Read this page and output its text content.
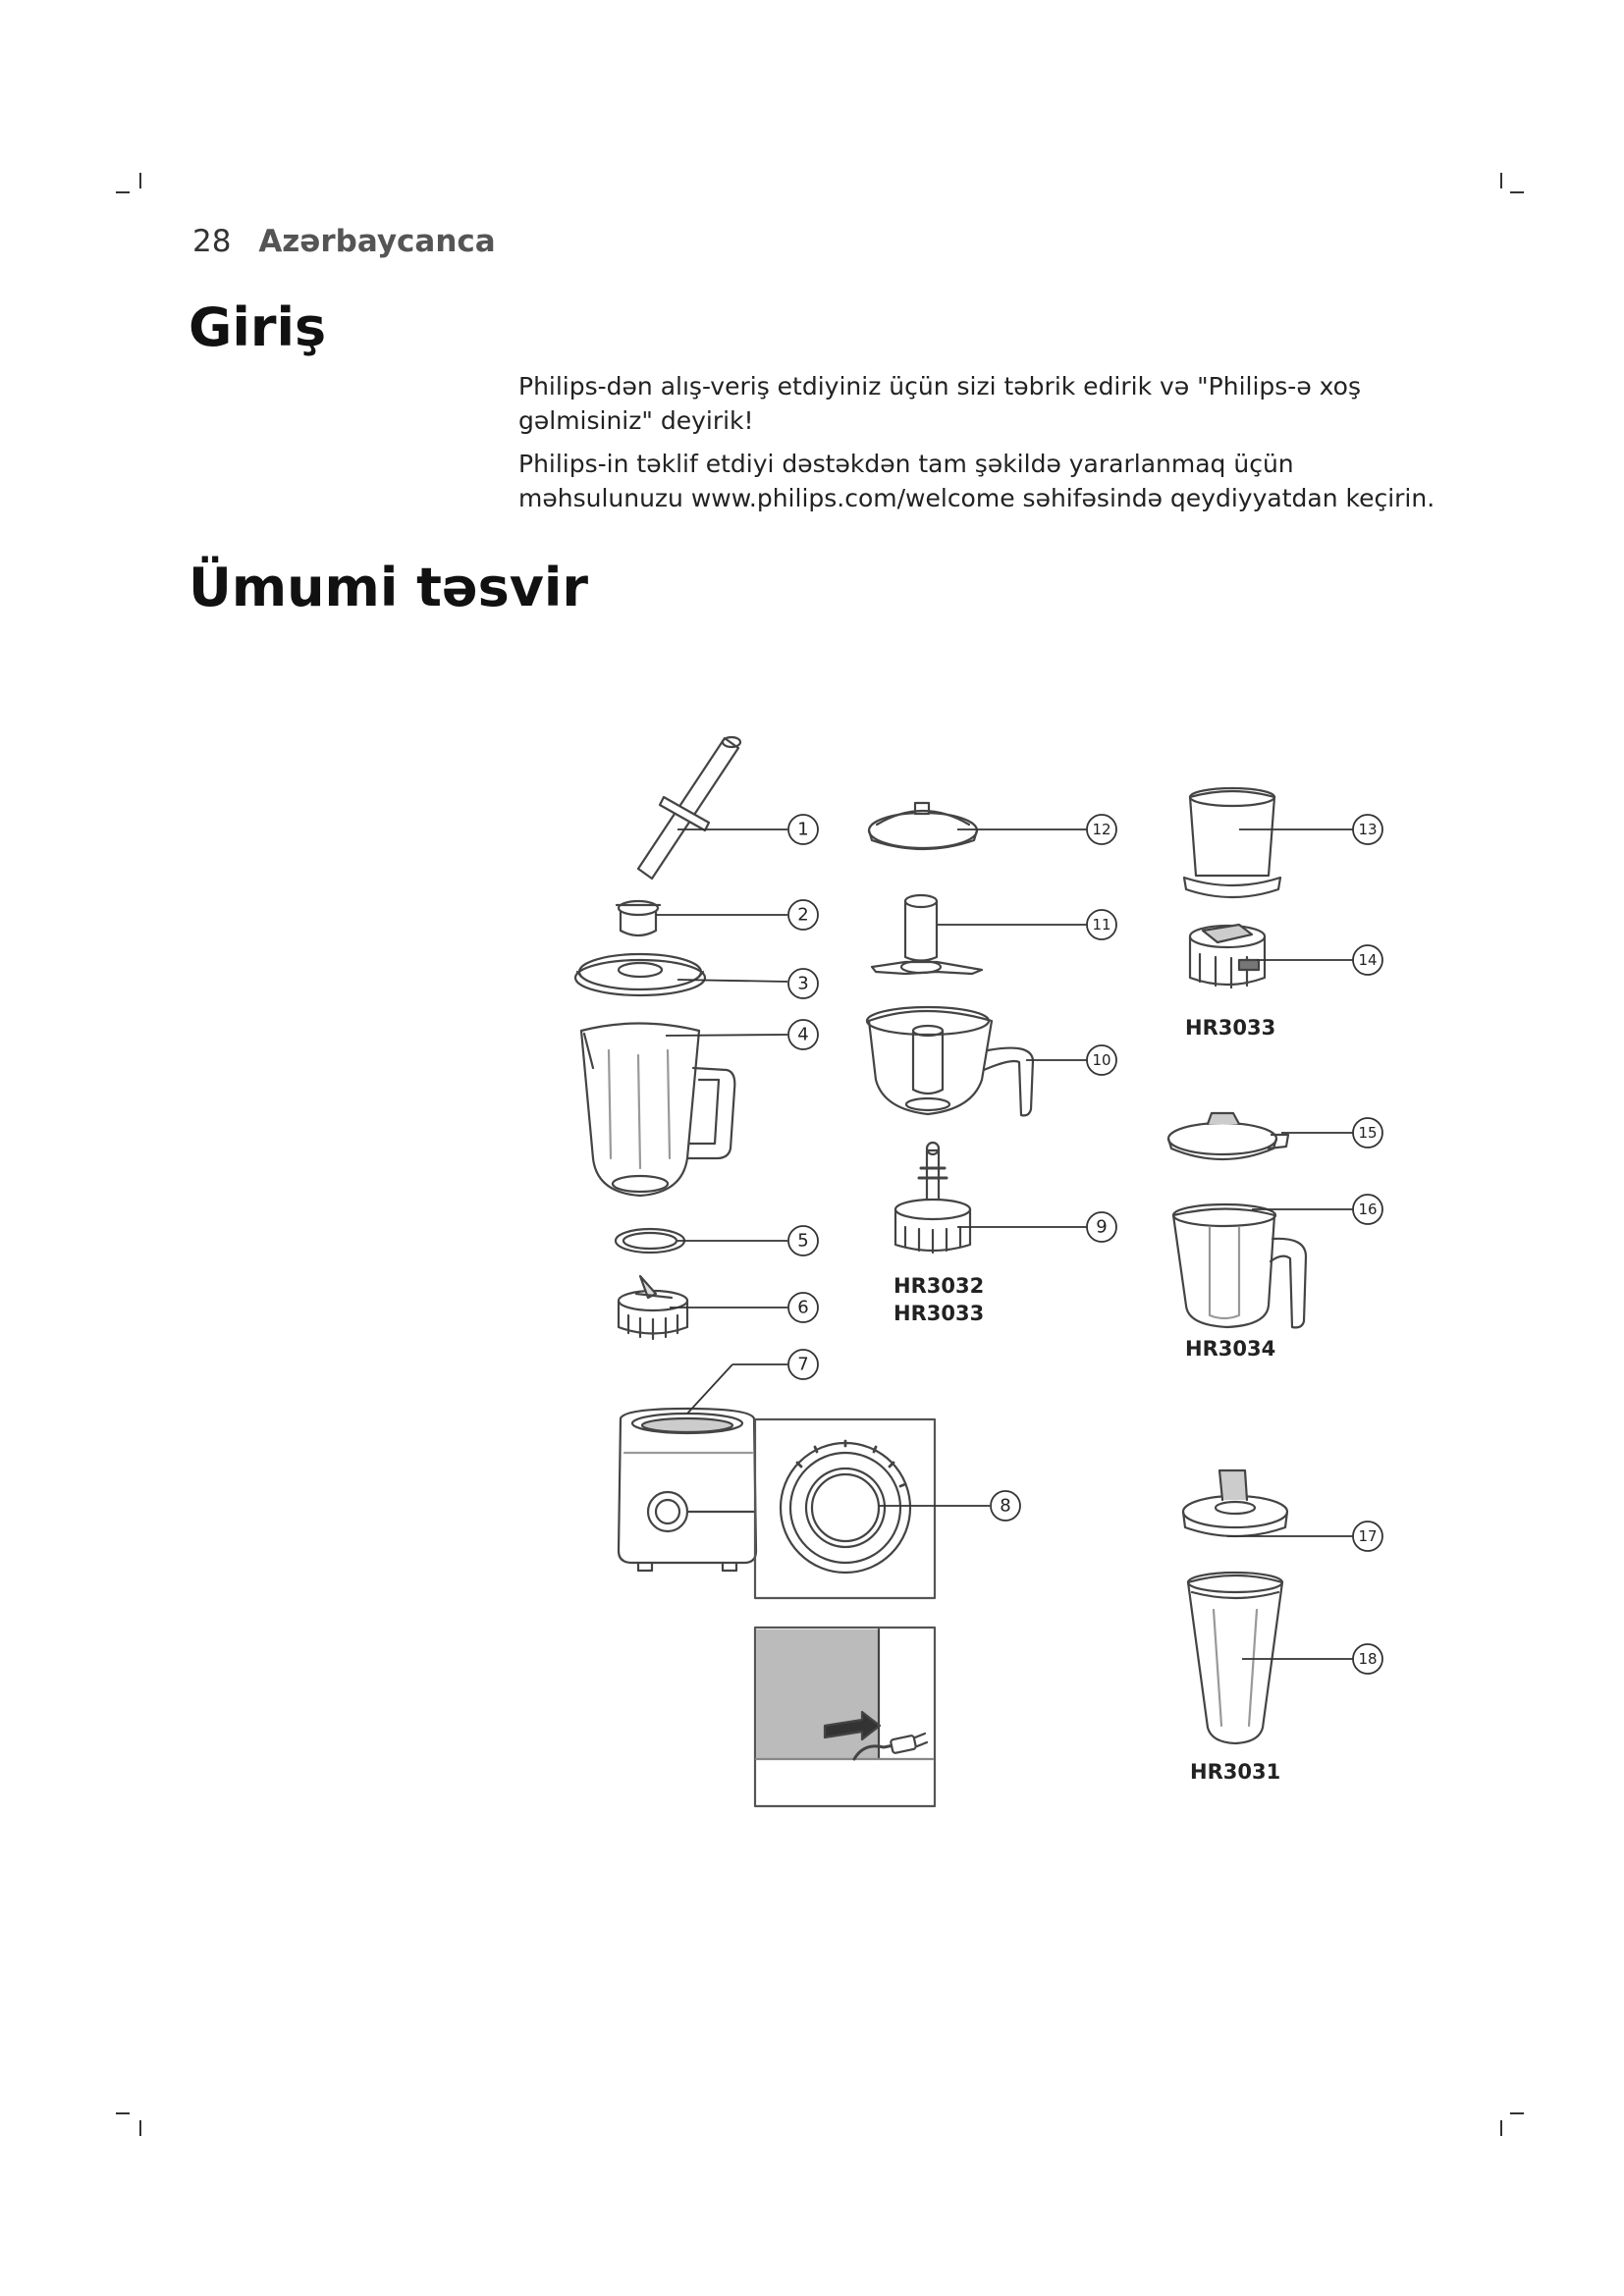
28 Azərbaycanca
Giriş

Philips-dən alış-veriş etdiyiniz üçün sizi təbrik edirik və "Philips-ə xoş gəlmisiniz" deyirik!

Philips-in təklif etdiyi dəstəkdən tam şəkildə yararlanmaq üçün məhsulunuzu www.philips.com/welcome səhifəsində qeydiyyatdan keçirin.

Ümumi təsvir
1
2
3
4
5
6
7
8
9
10
11
12	13
14
15
16
17
18
HR3032
HR3033
HR3033
HR3034
HR3031
